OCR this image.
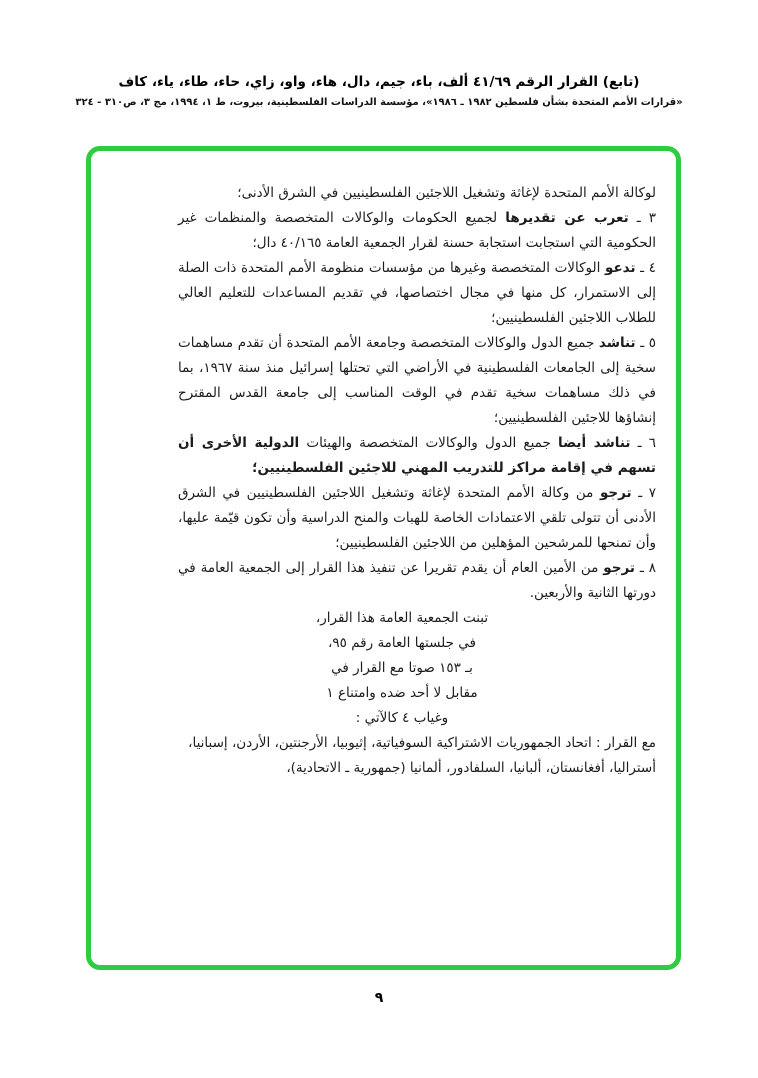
(تابع) القرار الرقم ٤١/٦٩ ألف، باء، جيم، دال، هاء، واو، زاي، حاء، طاء، ياء، كاف
«قرارات الأمم المتحدة بشأن فلسطين ١٩٨٢ ـ ١٩٨٦»، مؤسسة الدراسات الفلسطينية، بيروت، ط ١، ١٩٩٤، مج ٣، ص٣١٠ - ٣٢٤

لوكالة الأمم المتحدة لإغاثة وتشغيل اللاجئين الفلسطينيين في الشرق الأدنى؛

٣ ـ تعرب عن تقديرها لجميع الحكومات والوكالات المتخصصة والمنظمات غير الحكومية التي استجابت استجابة حسنة لقرار الجمعية العامة ٤٠/١٦٥ دال؛

٤ ـ تدعو الوكالات المتخصصة وغيرها من مؤسسات منظومة الأمم المتحدة ذات الصلة إلى الاستمرار، كل منها في مجال اختصاصها، في تقديم المساعدات للتعليم العالي للطلاب اللاجئين الفلسطينيين؛

٥ ـ تناشد جميع الدول والوكالات المتخصصة وجامعة الأمم المتحدة أن تقدم مساهمات سخية إلى الجامعات الفلسطينية في الأراضي التي تحتلها إسرائيل منذ سنة ١٩٦٧، بما في ذلك مساهمات سخية تقدم في الوقت المناسب إلى جامعة القدس المقترح إنشاؤها للاجئين الفلسطينيين؛

٦ ـ تناشد أيضا جميع الدول والوكالات المتخصصة والهيئات الدولية الأخرى أن تسهم في إقامة مراكز للتدريب المهني للاجئين الفلسطينيين؛

٧ ـ ترجو من وكالة الأمم المتحدة لإغاثة وتشغيل اللاجئين الفلسطينيين في الشرق الأدنى أن تتولى تلقي الاعتمادات الخاصة للهبات والمنح الدراسية وأن تكون قيّمة عليها، وأن تمنحها للمرشحين المؤهلين من اللاجئين الفلسطينيين؛

٨ ـ ترجو من الأمين العام أن يقدم تقريرا عن تنفيذ هذا القرار إلى الجمعية العامة في دورتها الثانية والأربعين.

تبنت الجمعية العامة هذا القرار،
في جلستها العامة رقم ٩٥،
بـ ١٥٣ صوتا مع القرار في
مقابل لا أحد ضده وامتناع ١
وغياب ٤ كالآتي :

مع القرار : اتحاد الجمهوريات الاشتراكية السوفياتية، إثيوبيا، الأرجنتين، الأردن، إسبانيا، أستراليا، أفغانستان، ألبانيا، السلفادور، ألمانيا (جمهورية ـ الاتحادية)،

٩
